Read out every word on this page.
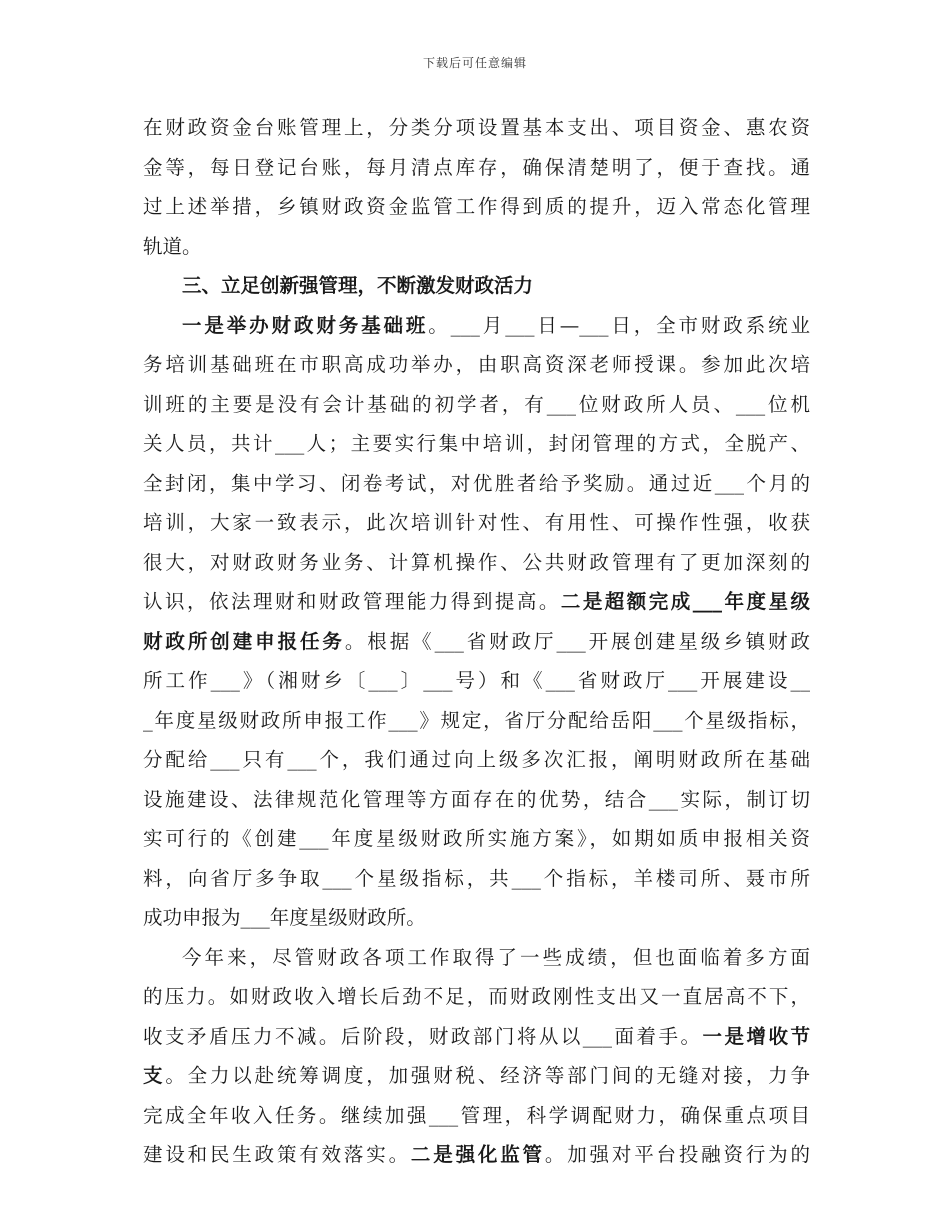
下载后可任意编辑
在财政资金台账管理上，分类分项设置基本支出、项目资金、惠农资
金等，每日登记台账，每月清点库存，确保清楚明了，便于查找。通
过上述举措，乡镇财政资金监管工作得到质的提升，迈入常态化管理
轨道。
三、立足创新强管理，不断激发财政活力
一是举办财政财务基础班。___月___日—___日，全市财政系统业
务培训基础班在市职高成功举办，由职高资深老师授课。参加此次培
训班的主要是没有会计基础的初学者，有___位财政所人员、___位机
关人员，共计___人；主要实行集中培训，封闭管理的方式，全脱产、
全封闭，集中学习、闭卷考试，对优胜者给予奖励。通过近___个月的
培训，大家一致表示，此次培训针对性、有用性、可操作性强，收获
很大，对财政财务业务、计算机操作、公共财政管理有了更加深刻的
认识，依法理财和财政管理能力得到提高。二是超额完成___年度星级
财政所创建申报任务。根据《___省财政厅___开展创建星级乡镇财政
所工作___》（湘财乡〔___〕___号）和《___省财政厅___开展建设__
_年度星级财政所申报工作___》规定，省厅分配给岳阳___个星级指标，
分配给___只有___个，我们通过向上级多次汇报，阐明财政所在基础
设施建设、法律规范化管理等方面存在的优势，结合___实际，制订切
实可行的《创建___年度星级财政所实施方案》，如期如质申报相关资
料，向省厅多争取___个星级指标，共___个指标，羊楼司所、聂市所
成功申报为___年度星级财政所。
今年来，尽管财政各项工作取得了一些成绩，但也面临着多方面
的压力。如财政收入增长后劲不足，而财政刚性支出又一直居高不下，
收支矛盾压力不减。后阶段，财政部门将从以___面着手。一是增收节
支。全力以赴统筹调度，加强财税、经济等部门间的无缝对接，力争
完成全年收入任务。继续加强___管理，科学调配财力，确保重点项目
建设和民生政策有效落实。二是强化监管。加强对平台投融资行为的
